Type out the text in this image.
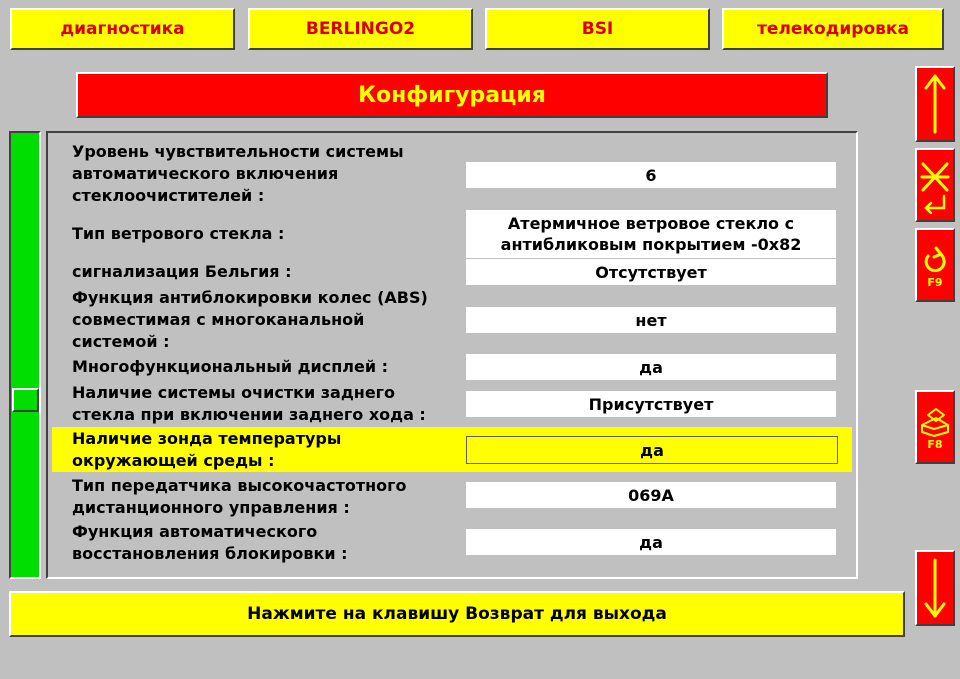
диагностика	BERLINGO2	BSI	телекодировка
Конфигурация
Уровень чувствительности системы
автоматического включения
стеклоочистителей :
6
Тип ветрового стекла :
Атермичное ветровое стекло с
антибликовым покрытием -0x82
сигнализация Бельгия :	Отсутствует
Функция антиблокировки колес (ABS)
совместимая с многоканальной
системой :
нет
Многофункциональный дисплей :	да
Наличие системы очистки заднего
стекла при включении заднего хода :
Присутствует
Наличие зонда температуры
окружающей среды :
да
Тип передатчика высокочастотного
дистанционного управления :
069A
Функция автоматического
восстановления блокировки :
да
F9
F8
Нажмите на клавишу Возврат для выхода
